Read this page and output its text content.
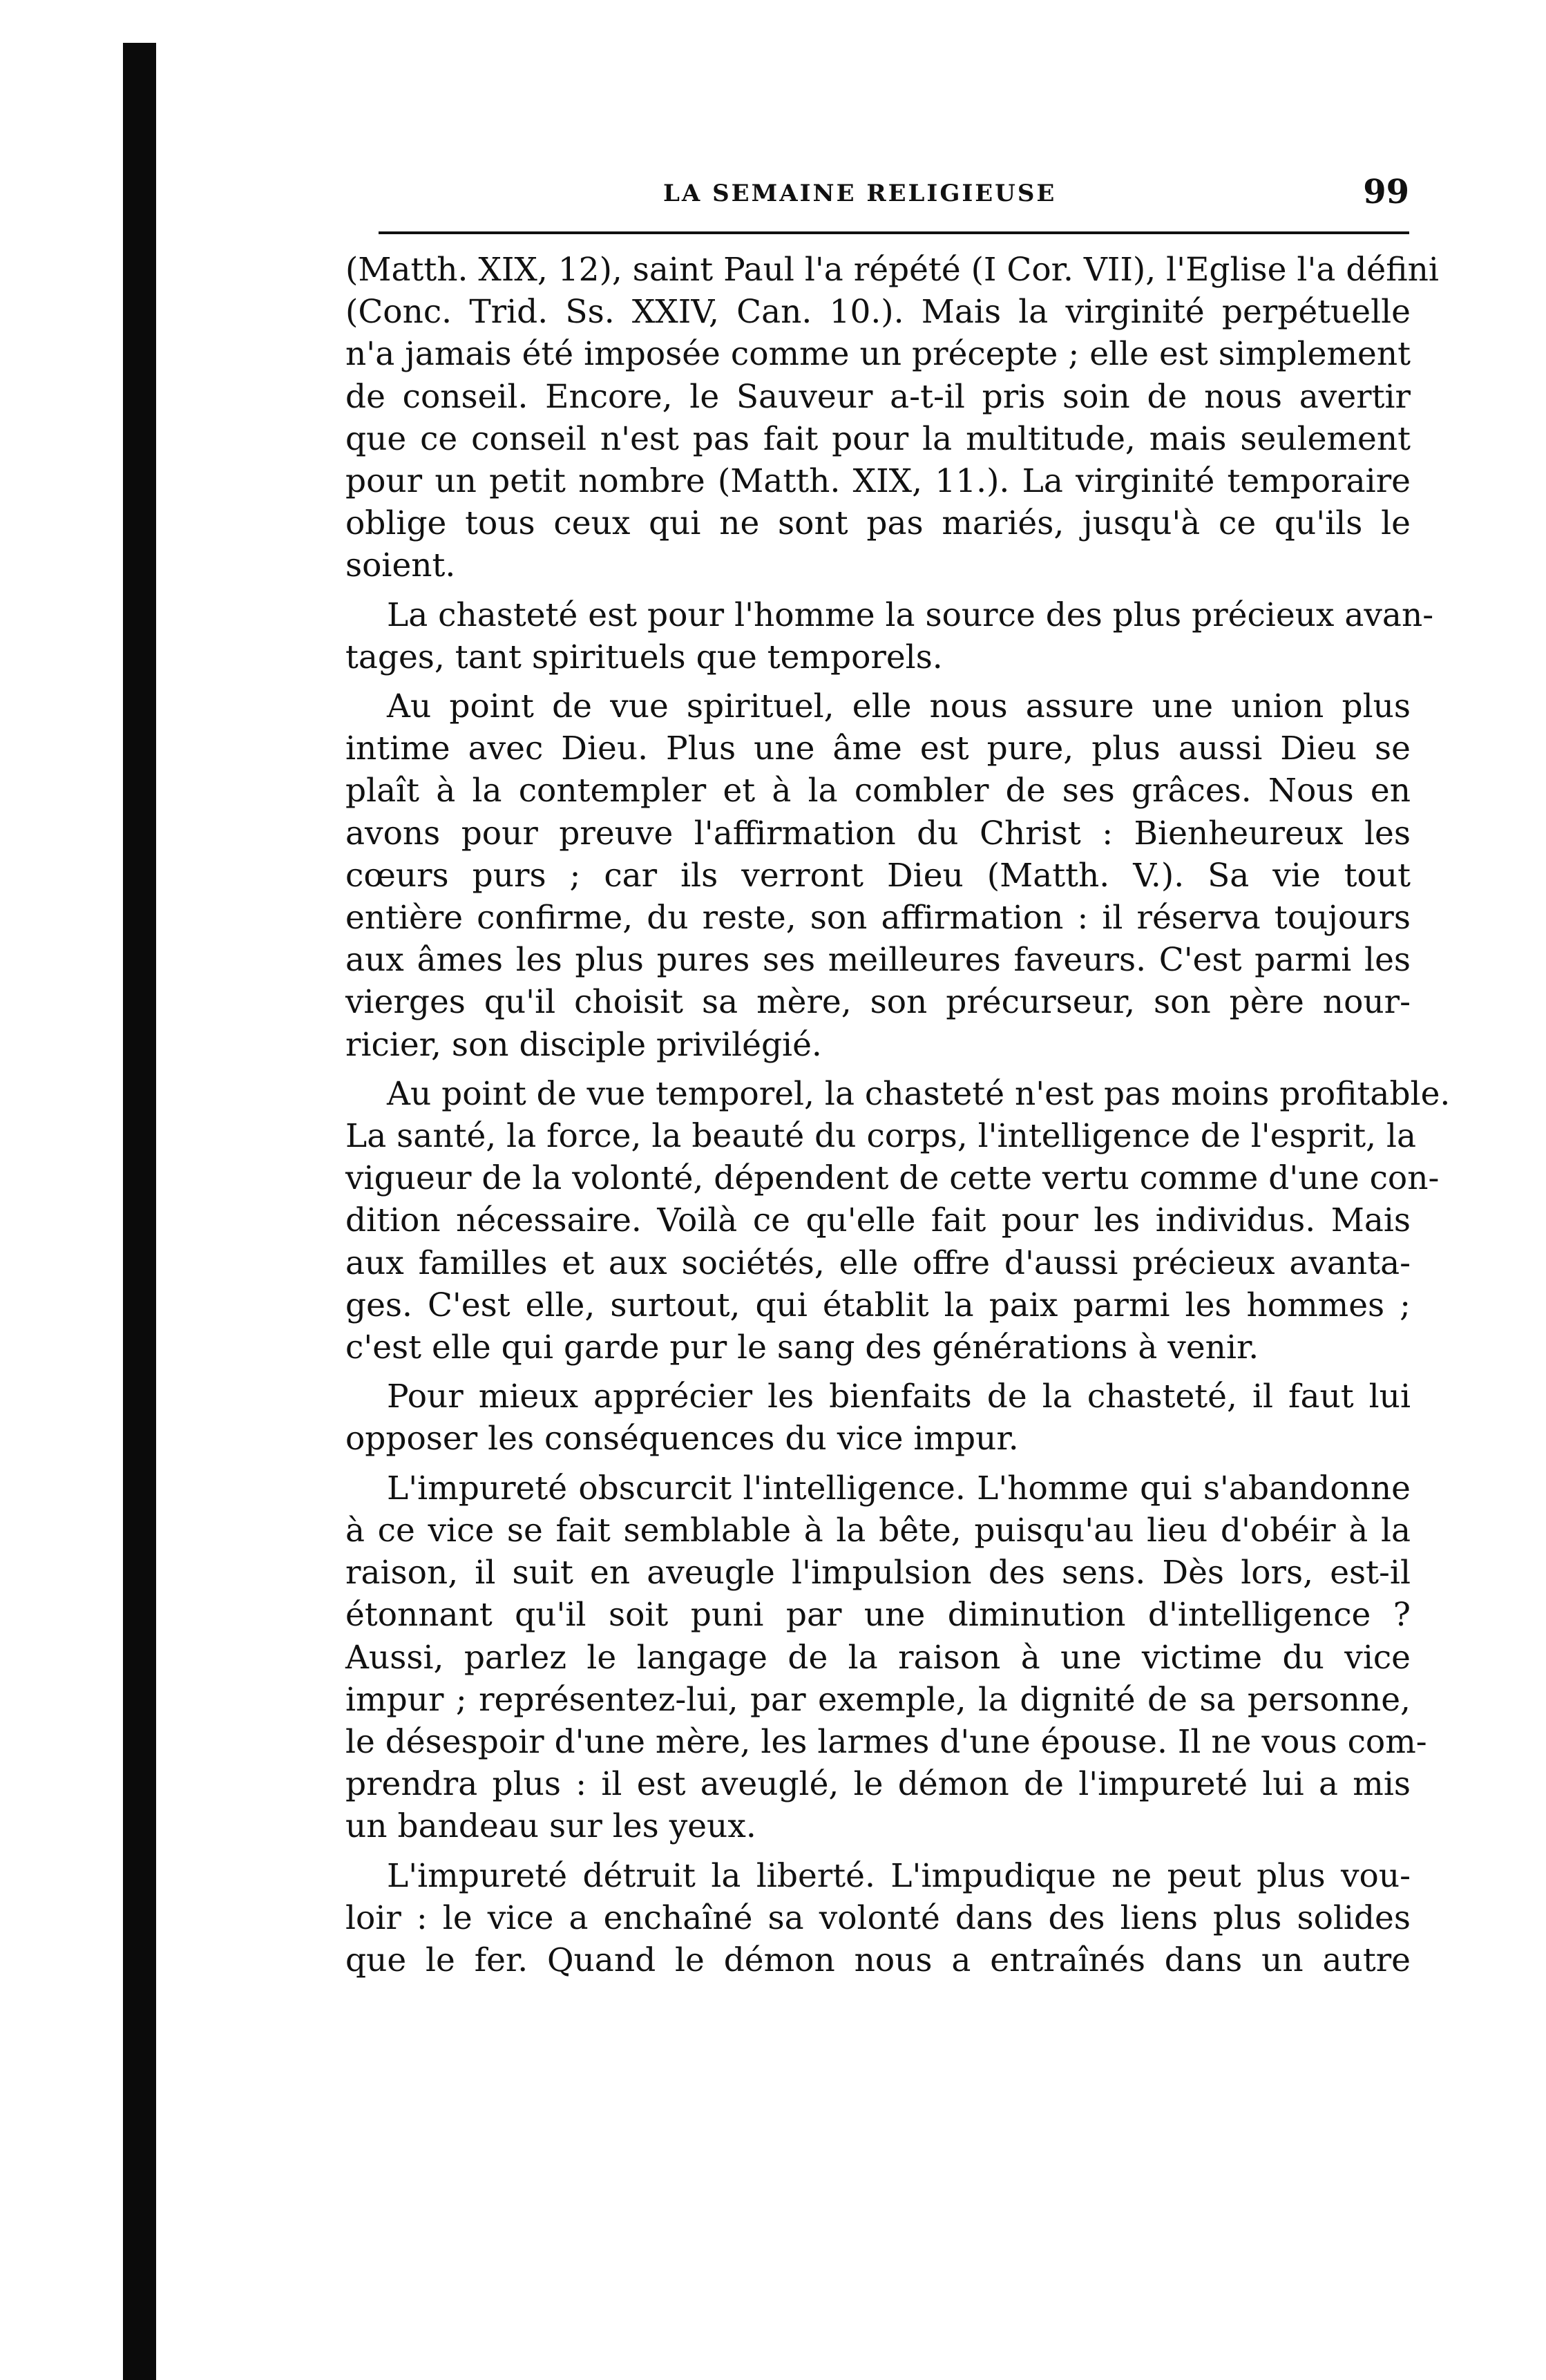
LA SEMAINE RELIGIEUSE	99

(Matth. XIX, 12), saint Paul l'a répété (I Cor. VII), l'Eglise l'a défini
(Conc. Trid. Ss. XXIV, Can. 10.). Mais la virginité perpétuelle
n'a jamais été imposée comme un précepte ; elle est simplement
de conseil. Encore, le Sauveur a-t-il pris soin de nous avertir
que ce conseil n'est pas fait pour la multitude, mais seulement
pour un petit nombre (Matth. XIX, 11.). La virginité temporaire
oblige tous ceux qui ne sont pas mariés, jusqu'à ce qu'ils le
soient.

La chasteté est pour l'homme la source des plus précieux avan-
tages, tant spirituels que temporels.

Au point de vue spirituel, elle nous assure une union plus
intime avec Dieu. Plus une âme est pure, plus aussi Dieu se
plaît à la contempler et à la combler de ses grâces. Nous en
avons pour preuve l'affirmation du Christ : Bienheureux les
cœurs purs ; car ils verront Dieu (Matth. V.). Sa vie tout
entière confirme, du reste, son affirmation : il réserva toujours
aux âmes les plus pures ses meilleures faveurs. C'est parmi les
vierges qu'il choisit sa mère, son précurseur, son père nour-
ricier, son disciple privilégié.

Au point de vue temporel, la chasteté n'est pas moins profitable.
La santé, la force, la beauté du corps, l'intelligence de l'esprit, la
vigueur de la volonté, dépendent de cette vertu comme d'une con-
dition nécessaire. Voilà ce qu'elle fait pour les individus. Mais
aux familles et aux sociétés, elle offre d'aussi précieux avanta-
ges. C'est elle, surtout, qui établit la paix parmi les hommes ;
c'est elle qui garde pur le sang des générations à venir.

Pour mieux apprécier les bienfaits de la chasteté, il faut lui
opposer les conséquences du vice impur.

L'impureté obscurcit l'intelligence. L'homme qui s'abandonne
à ce vice se fait semblable à la bête, puisqu'au lieu d'obéir à la
raison, il suit en aveugle l'impulsion des sens. Dès lors, est-il
étonnant qu'il soit puni par une diminution d'intelligence ?
Aussi, parlez le langage de la raison à une victime du vice
impur ; représentez-lui, par exemple, la dignité de sa personne,
le désespoir d'une mère, les larmes d'une épouse. Il ne vous com-
prendra plus : il est aveuglé, le démon de l'impureté lui a mis
un bandeau sur les yeux.

L'impureté détruit la liberté. L'impudique ne peut plus vou-
loir : le vice a enchaîné sa volonté dans des liens plus solides
que le fer. Quand le démon nous a entraînés dans un autre
